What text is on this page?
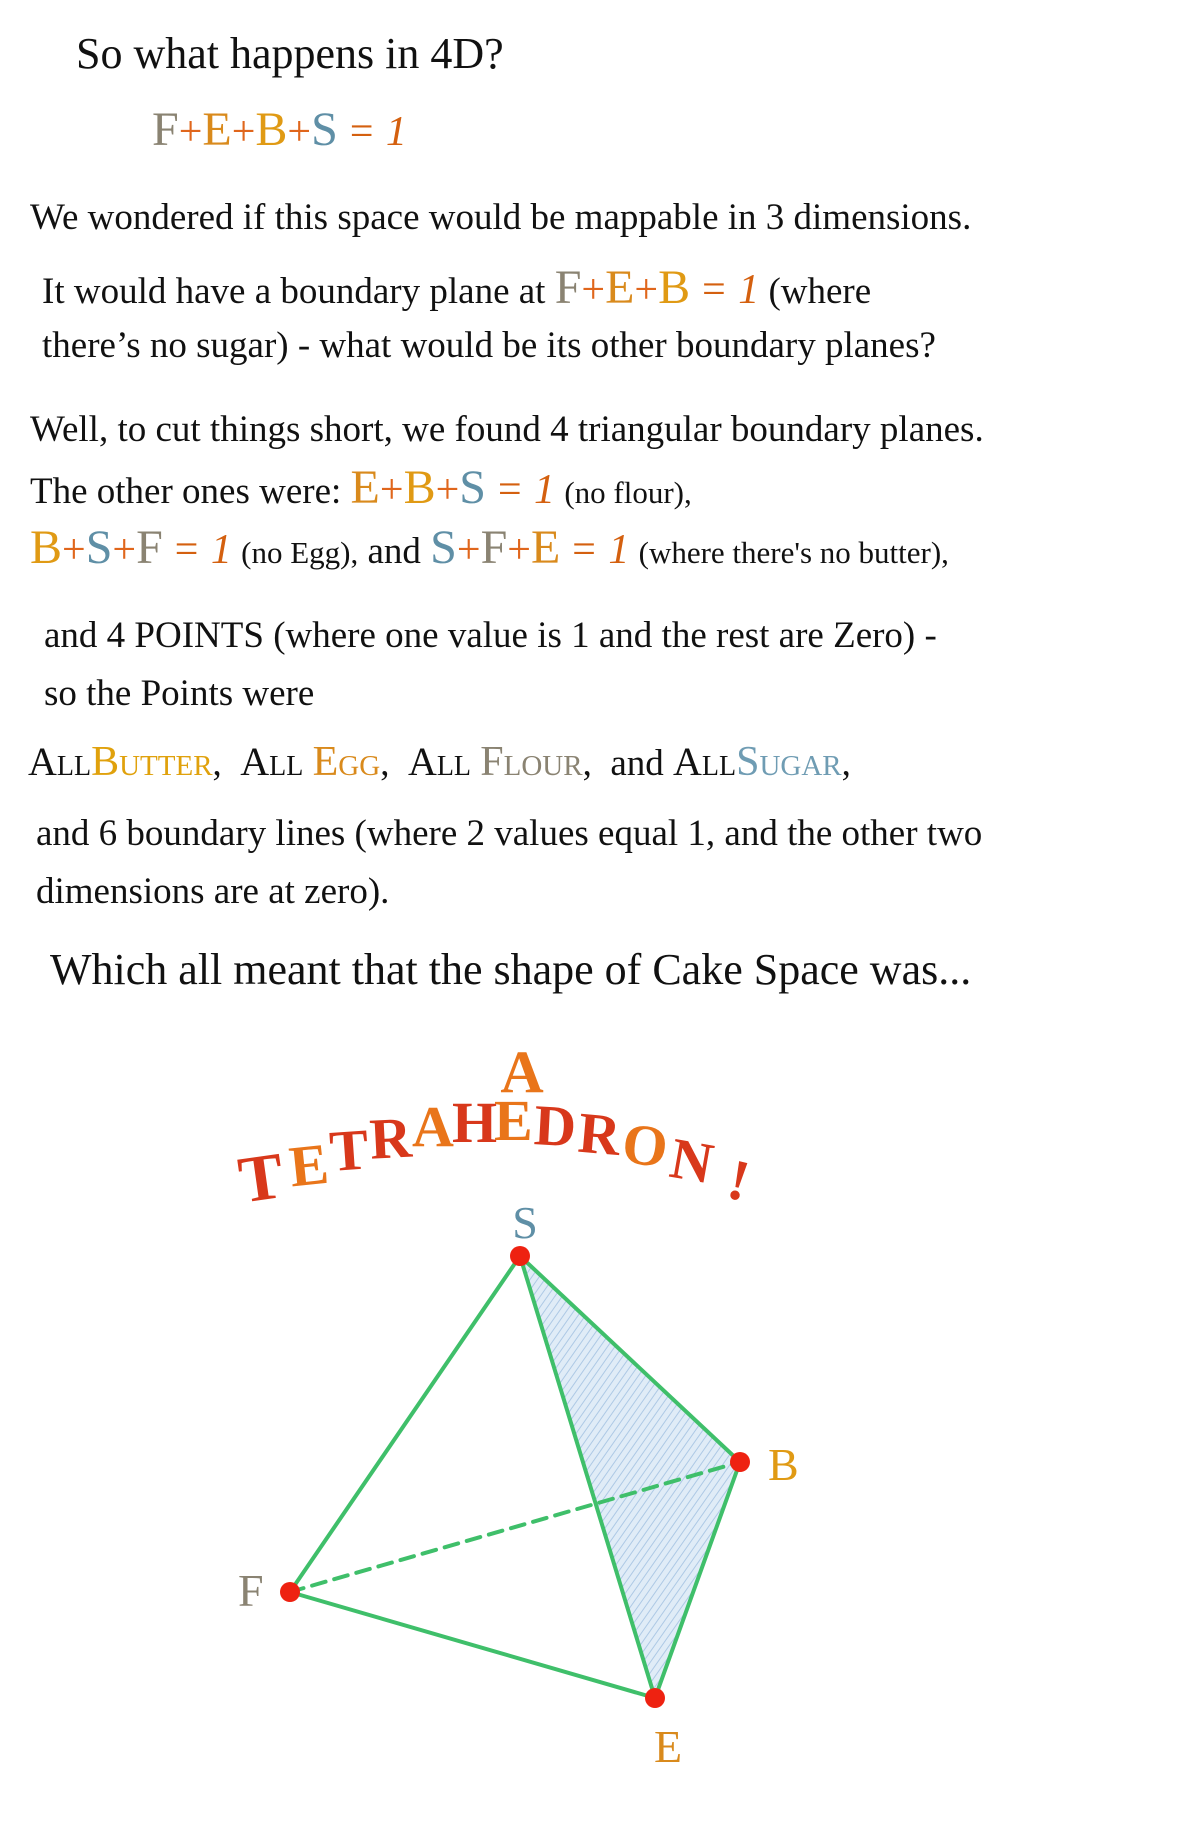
So what happens in 4D?
F+E+B+S = 1
We wondered if this space would be mappable in 3 dimensions.
It would have a boundary plane at F+E+B = 1 (where
there’s no sugar) - what would be its other boundary planes?
Well, to cut things short, we found 4 triangular boundary planes.
The other ones were: E+B+S = 1 (no flour),
B+S+F = 1 (no Egg), and S+F+E = 1 (where there's no butter),
and 4 POINTS (where one value is 1 and the rest are Zero) -
so the Points were
AllButter, All Egg, All Flour, and AllSugar,
and 6 boundary lines (where 2 values equal 1, and the other two
dimensions are at zero).
Which all meant that the shape of Cake Space was...
A
T
E
T
R
A
H
E D
R
O
N !
S
B
F
E
